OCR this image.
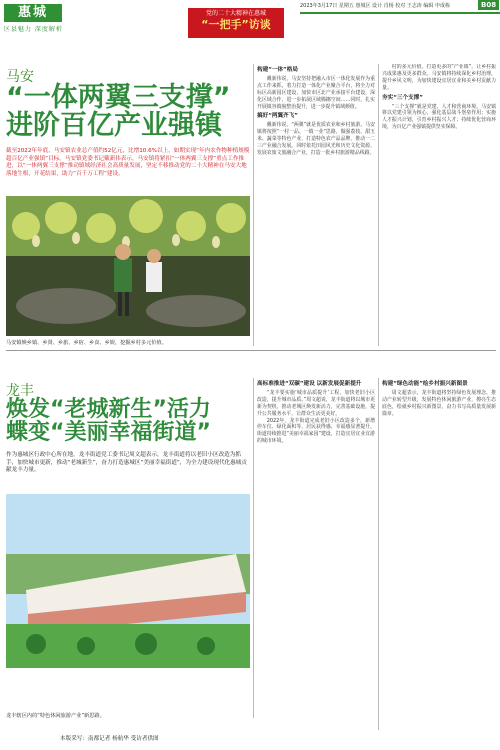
惠城
区县魅力 深度解析
党的二十大精神在惠城
“一把手”访谈
2023年3月17日 星期五 惠城区 设计 肖杨 校对 王志涛 编辑 申成栋	B08
马安
“一体两翼三支撑”
进阶百亿产业强镇
截至2022年年底，马安镇农业总产值约52亿元，比增10.6%以上，如期实现“年内农作物种植规模超百亿产业强镇”目标。马安镇党委书记戴新伟表示，马安镇将紧扣“一体两翼三支撑”重点工作推进，以“一体两翼三支撑”推动镇域经济社会高质量发展，坚定不移推动党的二十大精神在马安大地落地生根，开花结果，助力“百千万工程”建设。
马安镇焕乡镇、乡贤、乡旅、乡宿、乡食、乡娱，挖掘乡村多元价值。
构建“一体”格局

戴新伟说，马安坚持把融入市区一体化发展作为重点工作来抓，着力打造一体化产业聚合平台，将全力对标区高新园区建设，加快市区北产业承接平台建设，深化区域合作，进一步拓展区域腾挪空间……同时，扎实开展镇容镇貌整治提升，进一步提升镇域颜值。

搞好“两翼齐飞”

戴新伟说，“两翼”就是优质农业和乡村旅游。马安镇将按照“一村一品、一镇一业”思路，做强荔枝、甜玉米、蔬菜等特色产业，打造特色农产品品牌，推动一二三产业融合发展。同时依托田园风光和历史文化资源，发展农旅文旅融合产业，打造一批乡村旅游精品线路。

村的多元价值，打造更多的“产业镇”，让乡村振兴成果惠及更多群众。马安镇将持续深化乡村治理，提升乡风文明，为加快建设宜居宜业和美乡村贡献力量。

夯实“三个支撑”

“三个支撑”就是党建、人才和营商环境。马安镇将以党建引领为核心，强化基层战斗堡垒作用；实施人才振兴计划，引育乡村振兴人才；持续优化营商环境，为百亿产业强镇提供坚实保障。

龙丰
焕发“老城新生”活力
蝶变“美丽幸福街道”
作为惠城区行政中心所在地，龙丰街道党工委书记周文超表示，龙丰街道将以老旧小区改造为抓手，加快城市更新，推动“老城新生”，奋力打造惠城区“美丽幸福街道”，为全力建设现代化惠城贡献龙丰力量。
龙丰辖区内的“特色休闲旅游产业”新思路。
高标准推进“双碳”建设 以新发展促新提升

“龙丰要实施‘城市品质提升’工程，加快老旧小区改造，提升城市品质。”周文超说，龙丰街道将以城市更新为契机，推动老城区焕发新活力，完善基础设施，提升公共服务水平，让群众生活更美好。

2022年，龙丰街道完成老旧小区改造多个，新增停车位、绿化面积等，居民获得感、幸福感显著提升。街道持续推进“美丽幸福家园”建设，打造宜居宜业宜游的城市环境。

构建“绿色动能”绘乡村振兴新图景

周文超表示，龙丰街道将坚持绿色发展理念，推动产业转型升级，发展特色休闲旅游产业，擦亮生态底色，绘就乡村振兴新图景，奋力书写高质量发展新篇章。

本版采写：南都记者 杨航华 受访者供图
